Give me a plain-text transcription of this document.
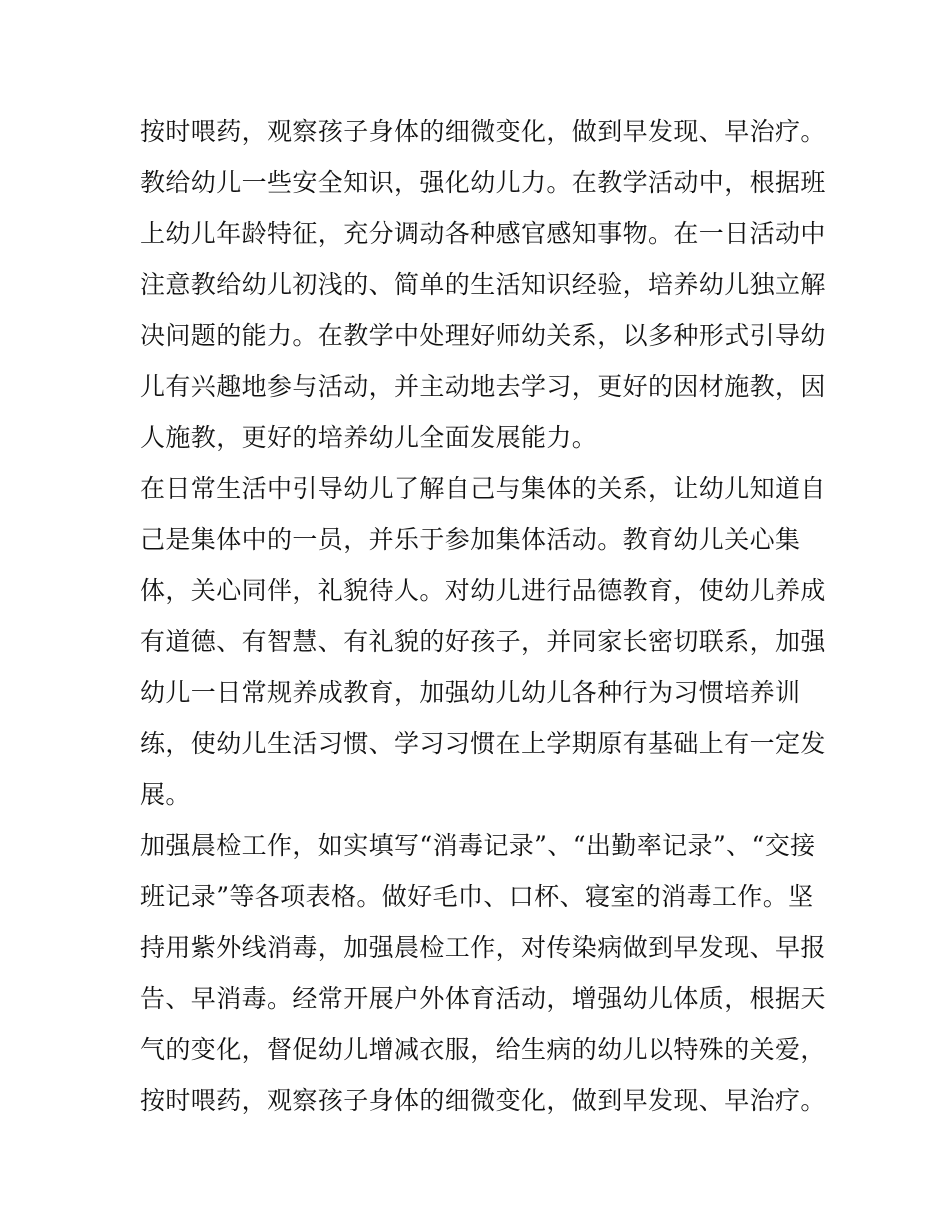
按时喂药，观察孩子身体的细微变化，做到早发现、早治疗。
教给幼儿一些安全知识，强化幼儿力。在教学活动中，根据班
上幼儿年龄特征，充分调动各种感官感知事物。在一日活动中
注意教给幼儿初浅的、简单的生活知识经验，培养幼儿独立解
决问题的能力。在教学中处理好师幼关系，以多种形式引导幼
儿有兴趣地参与活动，并主动地去学习，更好的因材施教，因
人施教，更好的培养幼儿全面发展能力。
在日常生活中引导幼儿了解自己与集体的关系，让幼儿知道自
己是集体中的一员，并乐于参加集体活动。教育幼儿关心集
体，关心同伴，礼貌待人。对幼儿进行品德教育，使幼儿养成
有道德、有智慧、有礼貌的好孩子，并同家长密切联系，加强
幼儿一日常规养成教育，加强幼儿幼儿各种行为习惯培养训
练，使幼儿生活习惯、学习习惯在上学期原有基础上有一定发
展。
加强晨检工作，如实填写“消毒记录”、“出勤率记录”、“交接
班记录”等各项表格。做好毛巾、口杯、寝室的消毒工作。坚
持用紫外线消毒，加强晨检工作，对传染病做到早发现、早报
告、早消毒。经常开展户外体育活动，增强幼儿体质，根据天
气的变化，督促幼儿增减衣服，给生病的幼儿以特殊的关爱，
按时喂药，观察孩子身体的细微变化，做到早发现、早治疗。
